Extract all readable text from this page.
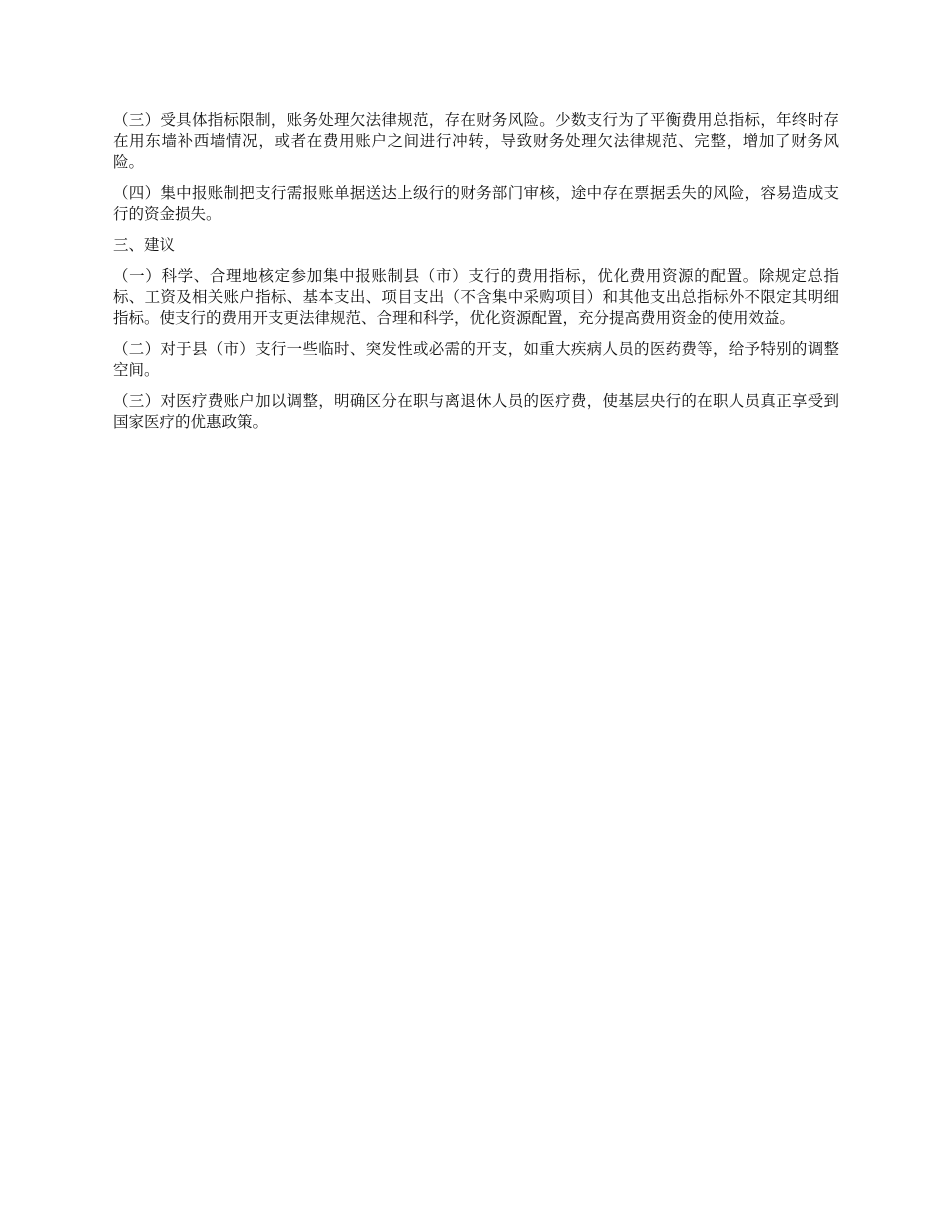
（三）受具体指标限制，账务处理欠法律规范，存在财务风险。少数支行为了平衡费用总指标，年终时存在用东墙补西墙情况，或者在费用账户之间进行冲转，导致财务处理欠法律规范、完整，增加了财务风险。

（四）集中报账制把支行需报账单据送达上级行的财务部门审核，途中存在票据丢失的风险，容易造成支行的资金损失。

三、建议

（一）科学、合理地核定参加集中报账制县（市）支行的费用指标，优化费用资源的配置。除规定总指标、工资及相关账户指标、基本支出、项目支出（不含集中采购项目）和其他支出总指标外不限定其明细指标。使支行的费用开支更法律规范、合理和科学，优化资源配置，充分提高费用资金的使用效益。

（二）对于县（市）支行一些临时、突发性或必需的开支，如重大疾病人员的医药费等，给予特别的调整空间。

（三）对医疗费账户加以调整，明确区分在职与离退休人员的医疗费，使基层央行的在职人员真正享受到国家医疗的优惠政策。
